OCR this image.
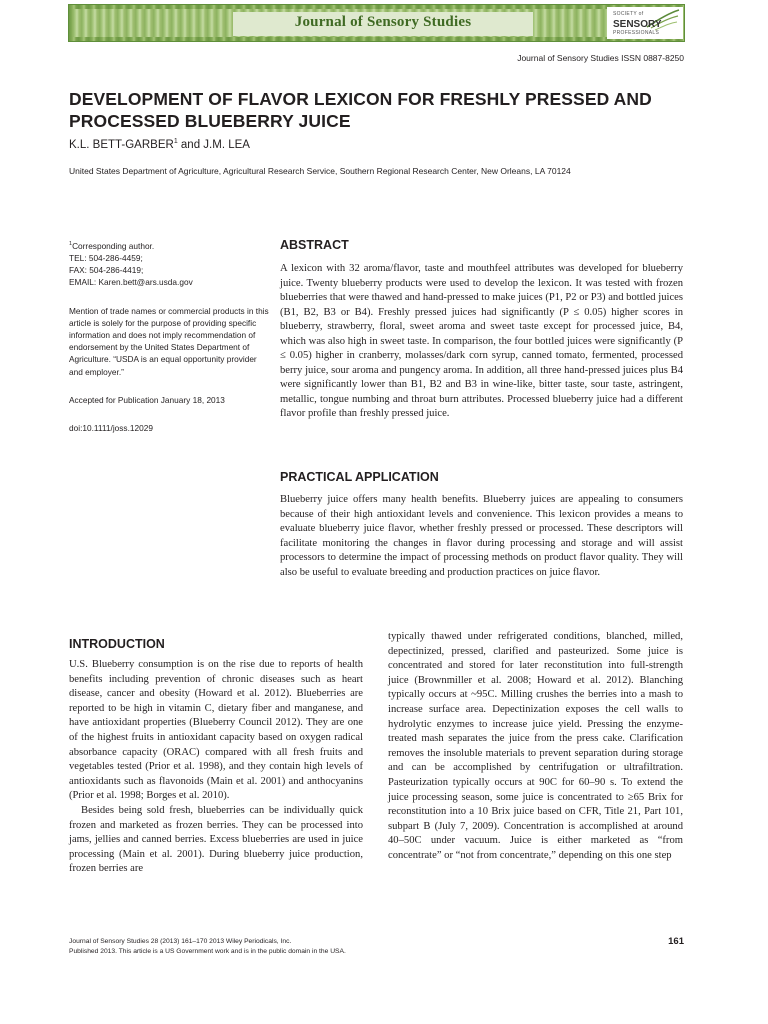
Journal of Sensory Studies	SOCIETY of
SENSORY
PROFESSIONALS
Journal of Sensory Studies ISSN 0887-8250
DEVELOPMENT OF FLAVOR LEXICON FOR FRESHLY PRESSED AND PROCESSED BLUEBERRY JUICE
K.L. BETT-GARBER$^1$ and J.M. LEA
United States Department of Agriculture, Agricultural Research Service, Southern Regional Research Center, New Orleans, LA 70124

$^1$Corresponding author.

TEL: 504-286-4459;

FAX: 504-286-4419;

EMAIL: Karen.bett@ars.usda.gov

Mention of trade names or commercial products in this article is solely for the purpose of providing specific information and does not imply recommendation of endorsement by the United States Department of Agriculture. “USDA is an equal opportunity provider and employer.”

Accepted for Publication January 18, 2013

doi:10.1111/joss.12029

ABSTRACT

A lexicon with 32 aroma/flavor, taste and mouthfeel attributes was developed for blueberry juice. Twenty blueberry products were used to develop the lexicon. It was tested with frozen blueberries that were thawed and hand-pressed to make juices (P1, P2 or P3) and bottled juices (B1, B2, B3 or B4). Freshly pressed juices had significantly (P ≤ 0.05) higher scores in blueberry, strawberry, floral, sweet aroma and sweet taste except for processed juice, B4, which was also high in sweet taste. In comparison, the four bottled juices were significantly (P ≤ 0.05) higher in cranberry, molasses/dark corn syrup, canned tomato, fermented, processed berry juice, sour aroma and pungency aroma. In addition, all three hand-pressed juices plus B4 were significantly lower than B1, B2 and B3 in wine-like, bitter taste, sour taste, astringent, metallic, tongue numbing and throat burn attributes. Processed blueberry juice had a different flavor profile than freshly pressed juice.

PRACTICAL APPLICATION

Blueberry juice offers many health benefits. Blueberry juices are appealing to consumers because of their high antioxidant levels and convenience. This lexicon provides a means to evaluate blueberry juice flavor, whether freshly pressed or processed. These descriptors will facilitate monitoring the changes in flavor during processing and storage and will assist processors to determine the impact of processing methods on product flavor quality. They will also be useful to evaluate breeding and production practices on juice flavor.

INTRODUCTION

U.S. Blueberry consumption is on the rise due to reports of health benefits including prevention of chronic diseases such as heart disease, cancer and obesity (Howard et al. 2012). Blueberries are reported to be high in vitamin C, dietary fiber and manganese, and have antioxidant properties (Blueberry Council 2012). They are one of the highest fruits in antioxidant capacity based on oxygen radical absorbance capacity (ORAC) compared with all fresh fruits and vegetables tested (Prior et al. 1998), and they contain high levels of antioxidants such as flavonoids (Main et al. 2001) and anthocyanins (Prior et al. 1998; Borges et al. 2010).

Besides being sold fresh, blueberries can be individually quick frozen and marketed as frozen berries. They can be processed into jams, jellies and canned berries. Excess blueberries are used in juice processing (Main et al. 2001). During blueberry juice production, frozen berries are

typically thawed under refrigerated conditions, blanched, milled, depectinized, pressed, clarified and pasteurized. Some juice is concentrated and stored for later reconstitution into full-strength juice (Brownmiller et al. 2008; Howard et al. 2012). Blanching typically occurs at ~95C. Milling crushes the berries into a mash to increase surface area. Depectinization exposes the cell walls to hydrolytic enzymes to increase juice yield. Pressing the enzyme-treated mash separates the juice from the press cake. Clarification removes the insoluble materials to prevent separation during storage and can be accomplished by centrifugation or ultrafiltration. Pasteurization typically occurs at 90C for 60–90 s. To extend the juice processing season, some juice is concentrated to ≥65 Brix for reconstitution into a 10 Brix juice based on CFR, Title 21, Part 101, subpart B (July 7, 2009). Concentration is accomplished at around 40–50C under vacuum. Juice is either marketed as “from concentrate” or “not from concentrate,” depending on this one step

Journal of Sensory Studies 28 (2013) 161–170 2013 Wiley Periodicals, Inc.

Published 2013. This article is a US Government work and is in the public domain in the USA.

161
